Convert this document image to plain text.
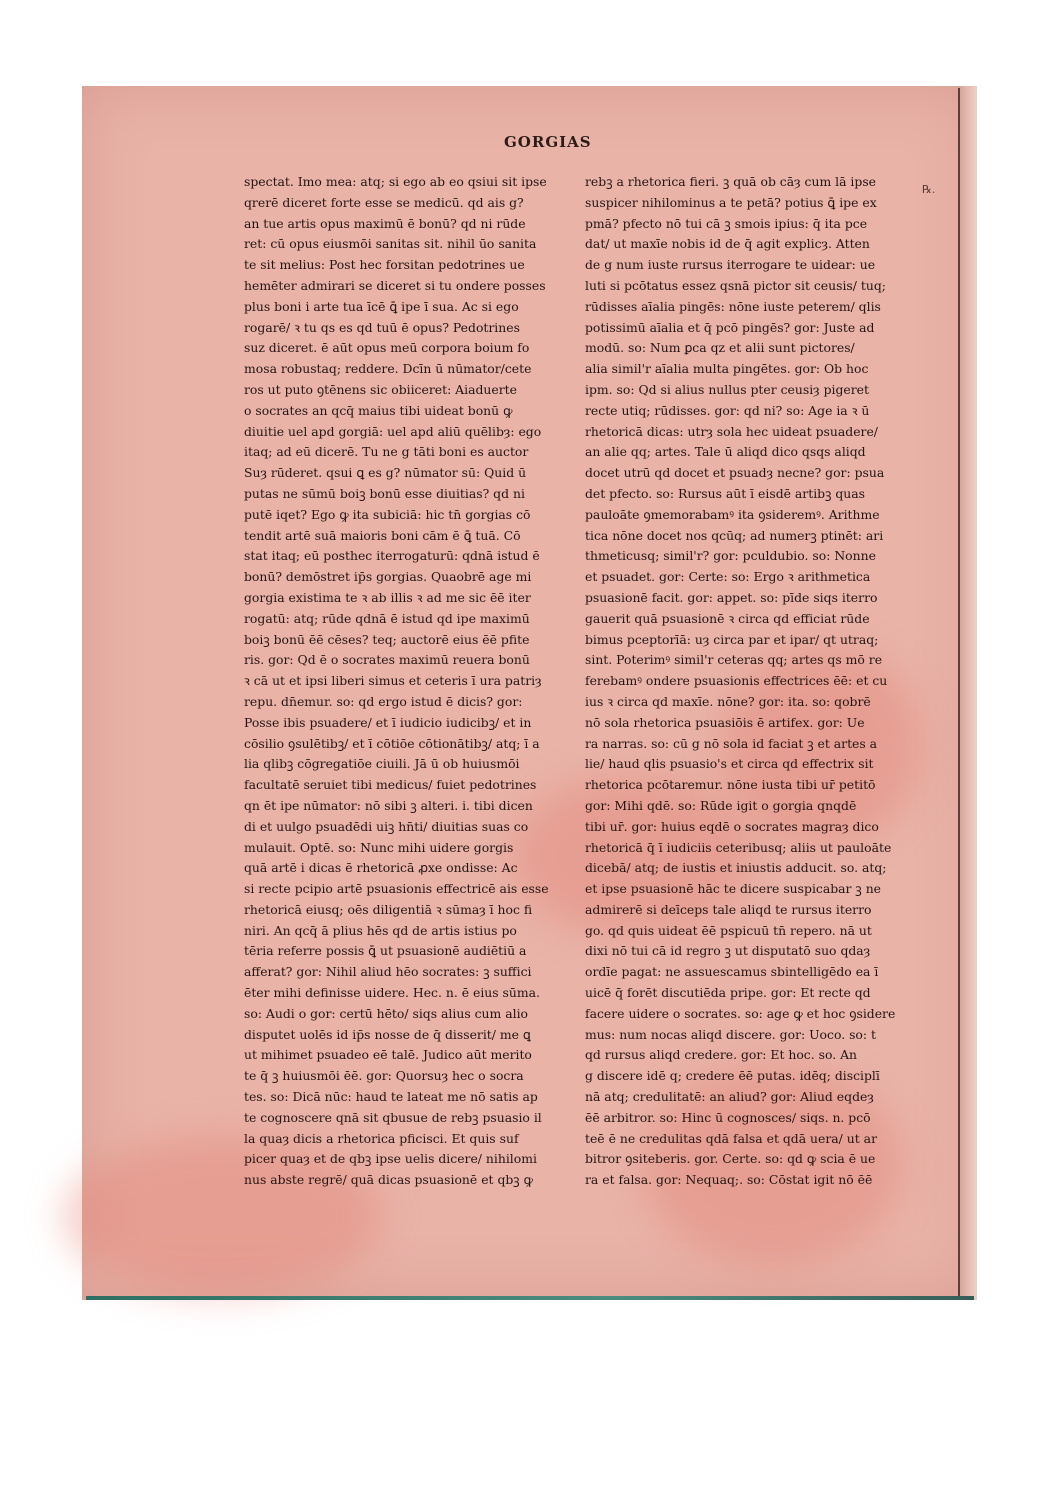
GORGIAS
℞.
spectat. Imo mea: atq; si ego ab eo qsiui sit ipse
qrerē diceret forte esse se medicū. qd ais g?
an tue artis opus maximū ē bonū? qd ni rūde
ret: cū opus eiusmōi sanitas sit. nihil ūo sanita
te sit melius: Post hec forsitan pedotrines ue
hemēter admirari se diceret si tu ondere posses
plus boni i arte tua īcē ꝗ̄ ipe ī sua. Ac si ego
rogarē/ ꝛ tu qs es qd tuū ē opus? Pedotrines
suz diceret. ē aūt opus meū corpora boium fo
mosa robustaq; reddere. Dcīn ū nūmator/cete
ros ut puto ꝯtēnens sic obiiceret: Aiaduerte
o socrates an qcq̄ maius tibi uideat bonū ꝙ
diuitie uel apd gorgiā: uel apd aliū quēlibȝ: ego
itaq; ad eū dicerē. Tu ne g tāti boni es auctor
Suȝ rūderet. qsui ꝗ es g? nūmator sū: Quid ū
putas ne sūmū boiꝫ bonū esse diuitias? qd ni
putē iqet? Ego ꝙ ita subiciā: hic tn̄ gorgias cō
tendit artē suā maioris boni cām ē ꝗ̄ tuā. Cō
stat itaq; eū posthec iterrogaturū: qdnā istud ē
bonū? demōstret ip̄s gorgias. Quaobrē age mi
gorgia existima te ꝛ ab illis ꝛ ad me sic ēē iter
rogatū: atq; rūde qdnā ē istud qd ipe maximū
boiꝫ bonū ēē cēses? teq; auctorē eius ēē pfite
ris. gor: Qd ē o socrates maximū reuera bonū
ꝛ cā ut et ipsi liberi simus et ceteris ī ura patriȝ
repu. dn̄emur. so: qd ergo istud ē dicis? gor:
Posse ibis psuadere/ et ī iudicio iudicibꝫ/ et in
cōsilio ꝯsulētibꝫ/ et ī cōtiōe cōtionātibꝫ/ atq; ī a
lia qlibꝫ cōgregatiōe ciuili. Jā ū ob huiusmōi
facultatē seruiet tibi medicus/ fuiet pedotrines
qn ēt ipe nūmator: nō sibi ꝫ alteri. i. tibi dicen
di et uulgo psuadēdi uiꝫ hn̄ti/ diuitias suas co
mulauit. Optē. so: Nunc mihi uidere gorgis
quā artē i dicas ē rhetoricā ꝓxe ondisse: Ac
si recte pcipio artē psuasionis effectricē ais esse
rhetoricā eiusq; oēs diligentiā ꝛ sūmaȝ ī hoc fi
niri. An qcq̄ ā plius hēs qd de artis istius po
tēria referre possis ꝗ̄ ut psuasionē audiētiū a
afferat? gor: Nihil aliud hēo socrates: ꝫ suffici
ēter mihi definisse uidere. Hec. n. ē eius sūma.
so: Audi o gor: certū hēto/ siqs alius cum alio
disputet uolēs id ip̄s nosse de q̄ disserit/ me ꝗ
ut mihimet psuadeo eē talē. Judico aūt merito
te q̄ ꝫ huiusmōi ēē. gor: Quorsuȝ hec o socra
tes. so: Dicā nūc: haud te lateat me nō satis ap
te cognoscere qnā sit qbusue de rebꝫ psuasio il
la quaȝ dicis a rhetorica pficisci. Et quis suf
picer quaȝ et de qbꝫ ipse uelis dicere/ nihilomi
nus abste regrē/ quā dicas psuasionē et qbꝫ ꝙ
rebꝫ a rhetorica fieri. ꝫ quā ob cāȝ cum lā ipse
suspicer nihilominus a te petā? potius ꝗ̄ ipe ex
pmā? pfecto nō tui cā ꝫ smois ipius: q̄ ita pce
dat/ ut maxīe nobis id de q̄ agit explicȝ. Atten
de g num iuste rursus iterrogare te uidear: ue
luti si pcōtatus essez qsnā pictor sit ceusis/ tuq;
rūdisses aīalia pingēs: nōne iuste peterem/ qlis
potissimū aīalia et q̄ pcō pingēs? gor: Juste ad
modū. so: Num ꝑca qz et alii sunt pictores/
alia simil'r aīalia multa pingētes. gor: Ob hoc
ipm. so: Qd si alius nullus pter ceusiȝ pigeret
recte utiq; rūdisses. gor: qd ni? so: Age ia ꝛ ū
rhetoricā dicas: utrȝ sola hec uideat psuadere/
an alie qq; artes. Tale ū aliqd dico qsqs aliqd
docet utrū qd docet et psuadȝ necne? gor: psua
det pfecto. so: Rursus aūt ī eisdē artibꝫ quas
pauloāte ꝯmemorabamꝰ ita ꝯsideremꝰ. Arithme
tica nōne docet nos qcūq; ad numerꝫ ptinēt: ari
thmeticusq; simil'r? gor: pculdubio. so: Nonne
et psuadet. gor: Certe: so: Ergo ꝛ arithmetica
psuasionē facit. gor: appet. so: pīde siqs iterro
gauerit quā psuasionē ꝛ circa qd efficiat rūde
bimus pceptorīā: uȝ circa par et ipar/ qt utraq;
sint. Poterimꝰ simil'r ceteras qq; artes qs mō re
ferebamꝰ ondere psuasionis effectrices ēē: et cu
ius ꝛ circa qd maxīe. nōne? gor: ita. so: qobrē
nō sola rhetorica psuasiōis ē artifex. gor: Ue
ra narras. so: cū g nō sola id faciat ꝫ et artes a
lie/ haud qlis psuasio's et circa qd effectrix sit
rhetorica pcōtaremur. nōne iusta tibi ur̄ petitō
gor: Mihi qdē. so: Rūde igit o gorgia qnqdē
tibi ur̄. gor: huius eqdē o socrates magraȝ dico
rhetoricā q̄ ī iudiciis ceteribusq; aliis ut pauloāte
dicebā/ atq; de iustis et iniustis adducit. so. atq;
et ipse psuasionē hāc te dicere suspicabar ꝫ ne
admirerē si deīceps tale aliqd te rursus iterro
go. qd quis uideat ēē pspicuū tn̄ repero. nā ut
dixi nō tui cā id regro ꝫ ut disputatō suo qdaȝ
ordīe pagat: ne assuescamus sbintelligēdo ea ī
uicē q̄ forēt discutiēda pripe. gor: Et recte qd
facere uidere o socrates. so: age ꝙ et hoc ꝯsidere
mus: num nocas aliqd discere. gor: Uoco. so: t
qd rursus aliqd credere. gor: Et hoc. so. An
g discere idē q; credere ēē putas. idēq; disciplī
nā atq; credulitatē: an aliud? gor: Aliud eqdeȝ
ēē arbitror. so: Hinc ū cognosces/ siqs. n. pcō
teē ē ne credulitas qdā falsa et qdā uera/ ut ar
bitror ꝯsiteberis. gor. Certe. so: qd ꝙ scia ē ue
ra et falsa. gor: Nequaq;. so: Cōstat igit nō ēē
